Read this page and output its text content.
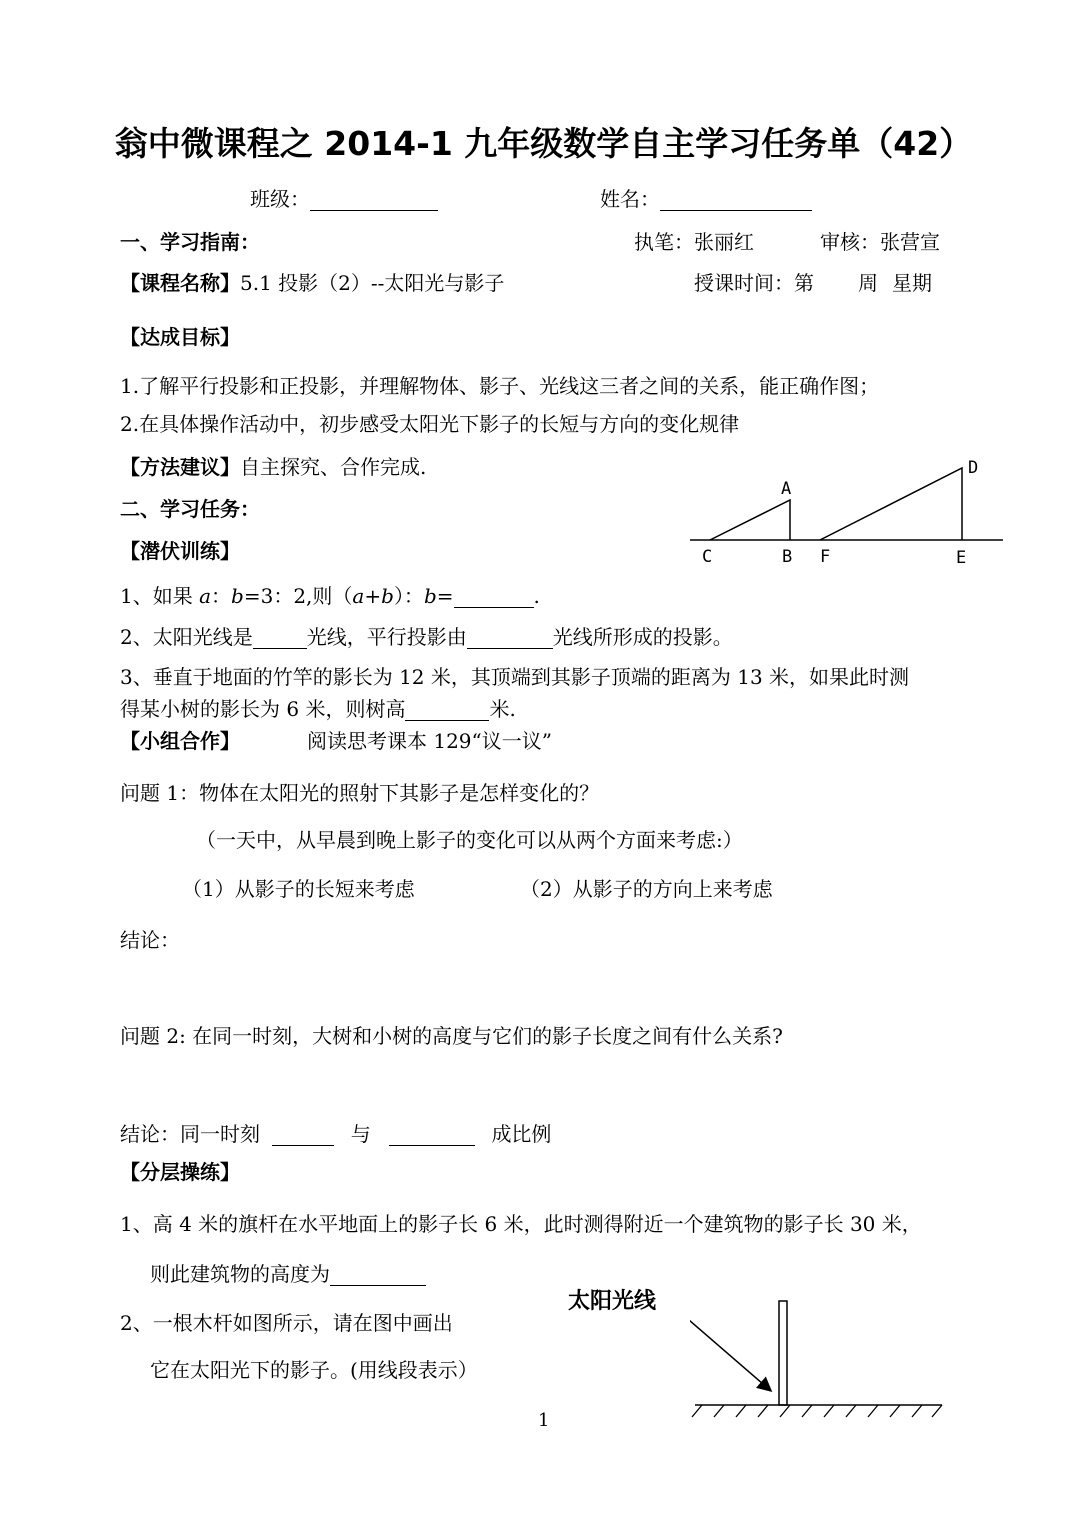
翁中微课程之 2014-1 九年级数学自主学习任务单（42）
班级：	姓名：
一、学习指南：	执笔：张丽红	审核：张营宣
【课程名称】5.1 投影（2）--太阳光与影子	授课时间：第 周 星期
【达成目标】
1.了解平行投影和正投影，并理解物体、影子、光线这三者之间的关系，能正确作图；
2.在具体操作活动中，初步感受太阳光下影子的长短与方向的变化规律
【方法建议】自主探究、合作完成.
二、学习任务：
A
C	B F
D
E
【潜伏训练】
1、如果 a：b=3：2,则（a+b）：b=	.
2、太阳光线是	光线，平行投影由	光线所形成的投影。
3、垂直于地面的竹竿的影长为 12 米，其顶端到其影子顶端的距离为 13 米，如果此时测
得某小树的影长为 6 米，则树高	米.
【小组合作】	阅读思考课本 129“议一议”
问题 1：物体在太阳光的照射下其影子是怎样变化的？
（一天中，从早晨到晚上影子的变化可以从两个方面来考虑:）
（1）从影子的长短来考虑	（2）从影子的方向上来考虑
结论：
问题 2: 在同一时刻，大树和小树的高度与它们的影子长度之间有什么关系?
结论：同一时刻	与	成比例
【分层操练】
1、高 4 米的旗杆在水平地面上的影子长 6 米，此时测得附近一个建筑物的影子长 30 米，
则此建筑物的高度为
2、一根木杆如图所示，请在图中画出
它在太阳光下的影子。(用线段表示）
太阳光线
1
